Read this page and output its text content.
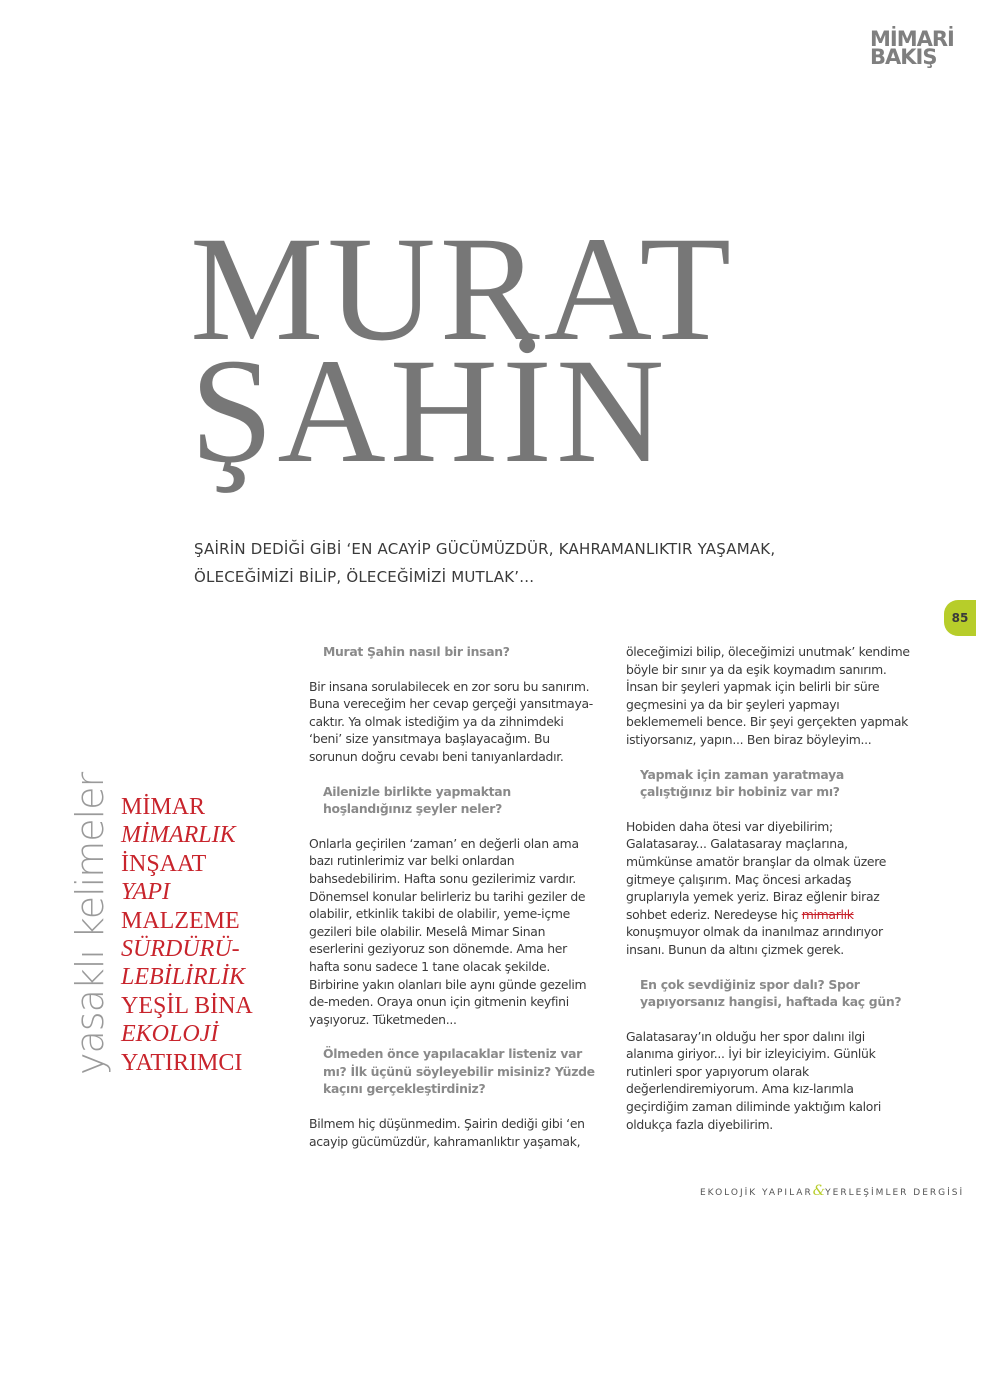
MİMARİ
BAKIŞ
MURAT
ŞAHİN
ŞAİRİN DEDİĞİ GİBİ ‘EN ACAYİP GÜCÜMÜZDÜR, KAHRAMANLIKTIR YAŞAMAK,
ÖLECEĞİMİZİ BİLİP, ÖLECEĞİMİZİ MUTLAK’...
85
yasaklı kelimeler MİMAR
MİMARLIK
İNŞAAT
YAPI
MALZEME
SÜRDÜRÜ-
LEBİLİRLİK
YEŞİL BİNA
EKOLOJİ
YATIRIMCI

Murat Şahin nasıl bir insan?

Bir insana sorulabilecek en zor soru bu sanırım. Buna vereceğim her cevap gerçeği yansıtmaya-caktır. Ya olmak istediğim ya da zihnimdeki ‘beni’ size yansıtmaya başlayacağım. Bu sorunun doğru cevabı beni tanıyanlardadır.

Ailenizle birlikte yapmaktan hoşlandığınız şeyler neler?

Onlarla geçirilen ‘zaman’ en değerli olan ama bazı rutinlerimiz var belki onlardan bahsedebilirim. Hafta sonu gezilerimiz vardır. Dönemsel konular belirleriz bu tarihi geziler de olabilir, etkinlik takibi de olabilir, yeme-içme gezileri bile olabilir. Meselâ Mimar Sinan eserlerini geziyoruz son dönemde. Ama her hafta sonu sadece 1 tane olacak şekilde. Birbirine yakın olanları bile aynı günde gezelim de-meden. Oraya onun için gitmenin keyfini yaşıyoruz. Tüketmeden...

Ölmeden önce yapılacaklar listeniz var mı? İlk üçünü söyleyebilir misiniz? Yüzde kaçını gerçekleştirdiniz?

Bilmem hiç düşünmedim. Şairin dediği gibi ‘en acayip gücümüzdür, kahramanlıktır yaşamak,

öleceğimizi bilip, öleceğimizi unutmak’ kendime böyle bir sınır ya da eşik koymadım sanırım. İnsan bir şeyleri yapmak için belirli bir süre geçmesini ya da bir şeyleri yapmayı beklememeli bence. Bir şeyi gerçekten yapmak istiyorsanız, yapın... Ben biraz böyleyim...

Yapmak için zaman yaratmaya çalıştığınız bir hobiniz var mı?

Hobiden daha ötesi var diyebilirim; Galatasaray... Galatasaray maçlarına, mümkünse amatör branşlar da olmak üzere gitmeye çalışırım. Maç öncesi arkadaş gruplarıyla yemek yeriz. Biraz eğlenir biraz sohbet ederiz. Neredeyse hiç mimarlık konuşmuyor olmak da inanılmaz arındırıyor insanı. Bunun da altını çizmek gerek.

En çok sevdiğiniz spor dalı? Spor yapıyorsanız hangisi, haftada kaç gün?

Galatasaray’ın olduğu her spor dalını ilgi alanıma giriyor... İyi bir izleyiciyim. Günlük rutinleri spor yapıyorum olarak değerlendiremiyorum. Ama kız-larımla geçirdiğim zaman diliminde yaktığım kalori oldukça fazla diyebilirim.

EKOLOJİK YAPILAR&YERLEŞİMLER DERGİSİ
